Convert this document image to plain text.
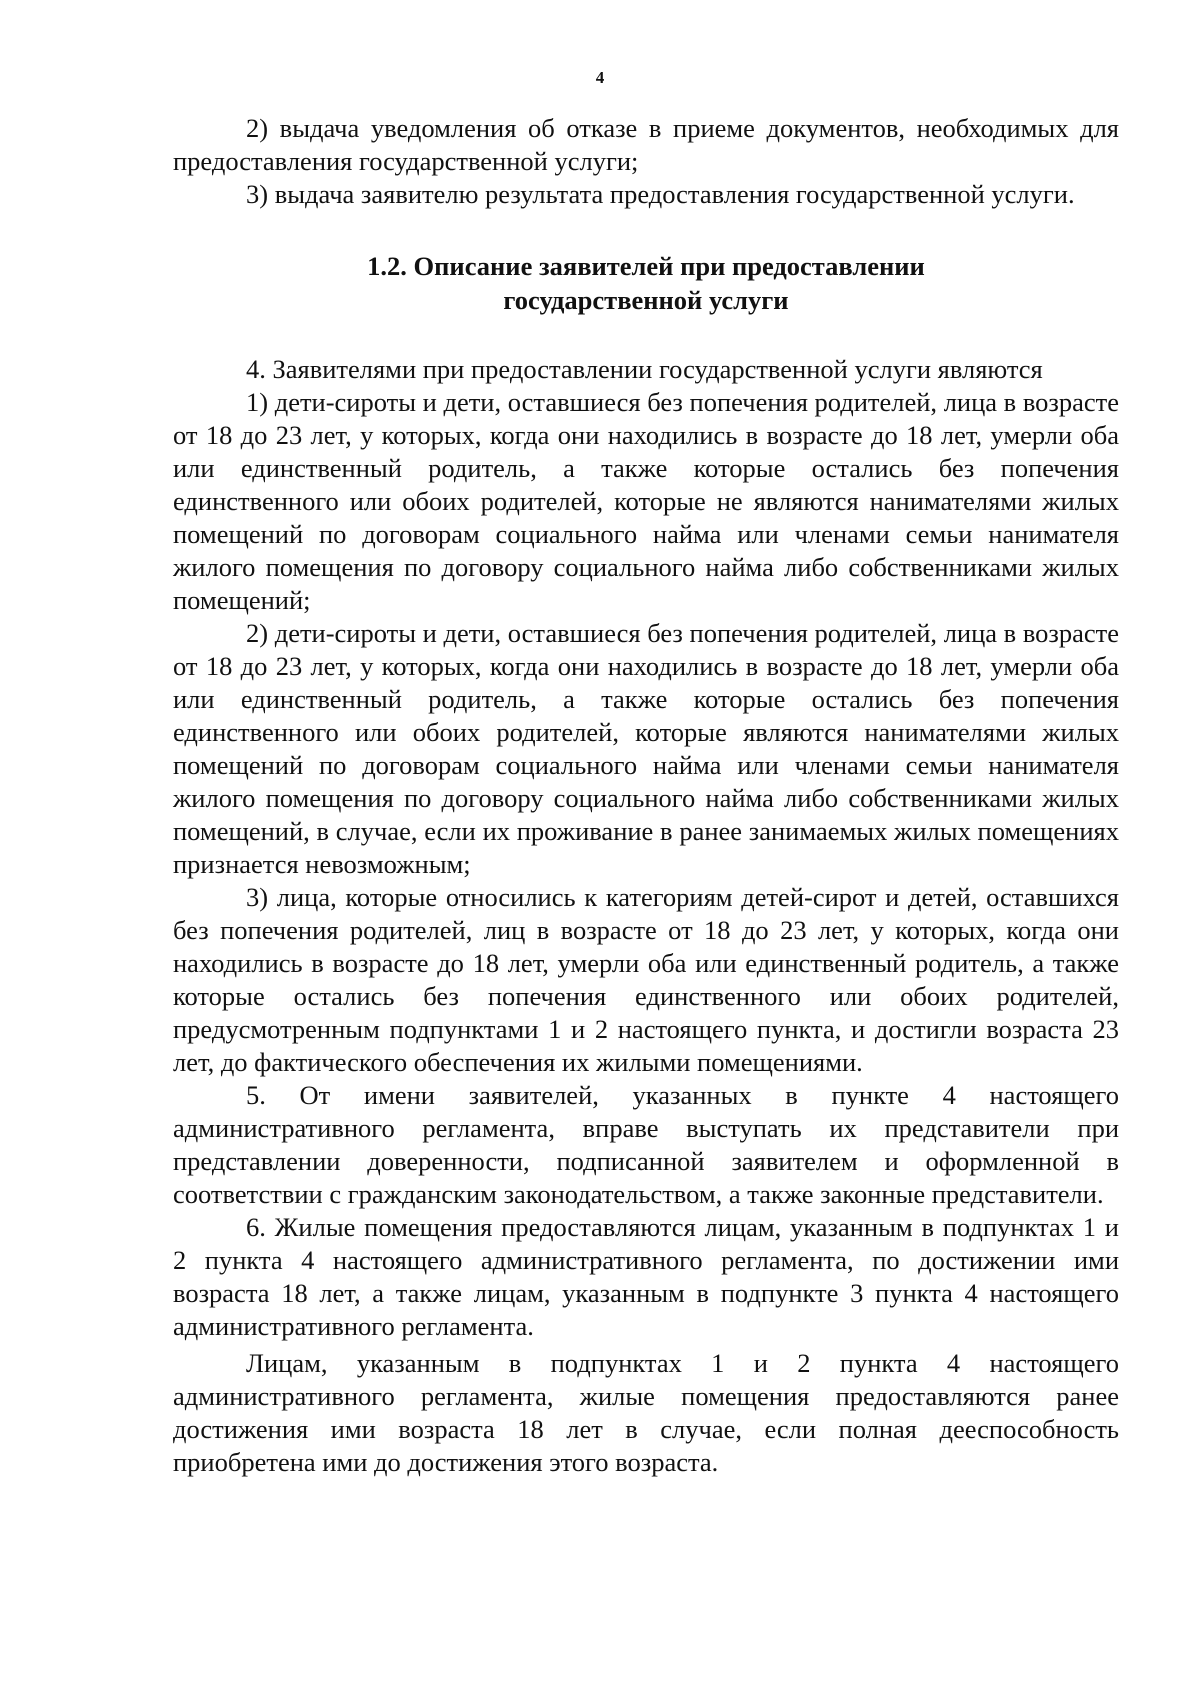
4

2) выдача уведомления об отказе в приеме документов, необходимых для предоставления государственной услуги;

3) выдача заявителю результата предоставления государственной услуги.

1.2. Описание заявителей при предоставлении
государственной услуги

4. Заявителями при предоставлении государственной услуги являются

1) дети-сироты и дети, оставшиеся без попечения родителей, лица в возрасте от 18 до 23 лет, у которых, когда они находились в возрасте до 18 лет, умерли оба или единственный родитель, а также которые остались без попечения единственного или обоих родителей, которые не являются нанимателями жилых помещений по договорам социального найма или членами семьи нанимателя жилого помещения по договору социального найма либо собственниками жилых помещений;

2) дети-сироты и дети, оставшиеся без попечения родителей, лица в возрасте от 18 до 23 лет, у которых, когда они находились в возрасте до 18 лет, умерли оба или единственный родитель, а также которые остались без попечения единственного или обоих родителей, которые являются нанимателями жилых помещений по договорам социального найма или членами семьи нанимателя жилого помещения по договору социального найма либо собственниками жилых помещений, в случае, если их проживание в ранее занимаемых жилых помещениях признается невозможным;

3) лица, которые относились к категориям детей-сирот и детей, оставшихся без попечения родителей, лиц в возрасте от 18 до 23 лет, у которых, когда они находились в возрасте до 18 лет, умерли оба или единственный родитель, а также которые остались без попечения единственного или обоих родителей, предусмотренным подпунктами 1 и 2 настоящего пункта, и достигли возраста 23 лет, до фактического обеспечения их жилыми помещениями.

5. От имени заявителей, указанных в пункте 4 настоящего административного регламента, вправе выступать их представители при представлении доверенности, подписанной заявителем и оформленной в соответствии с гражданским законодательством, а также законные представители.

6. Жилые помещения предоставляются лицам, указанным в подпунктах 1 и 2 пункта 4 настоящего административного регламента, по достижении ими возраста 18 лет, а также лицам, указанным в подпункте 3 пункта 4 настоящего административного регламента.

Лицам, указанным в подпунктах 1 и 2 пункта 4 настоящего административного регламента, жилые помещения предоставляются ранее достижения ими возраста 18 лет в случае, если полная дееспособность приобретена ими до достижения этого возраста.
